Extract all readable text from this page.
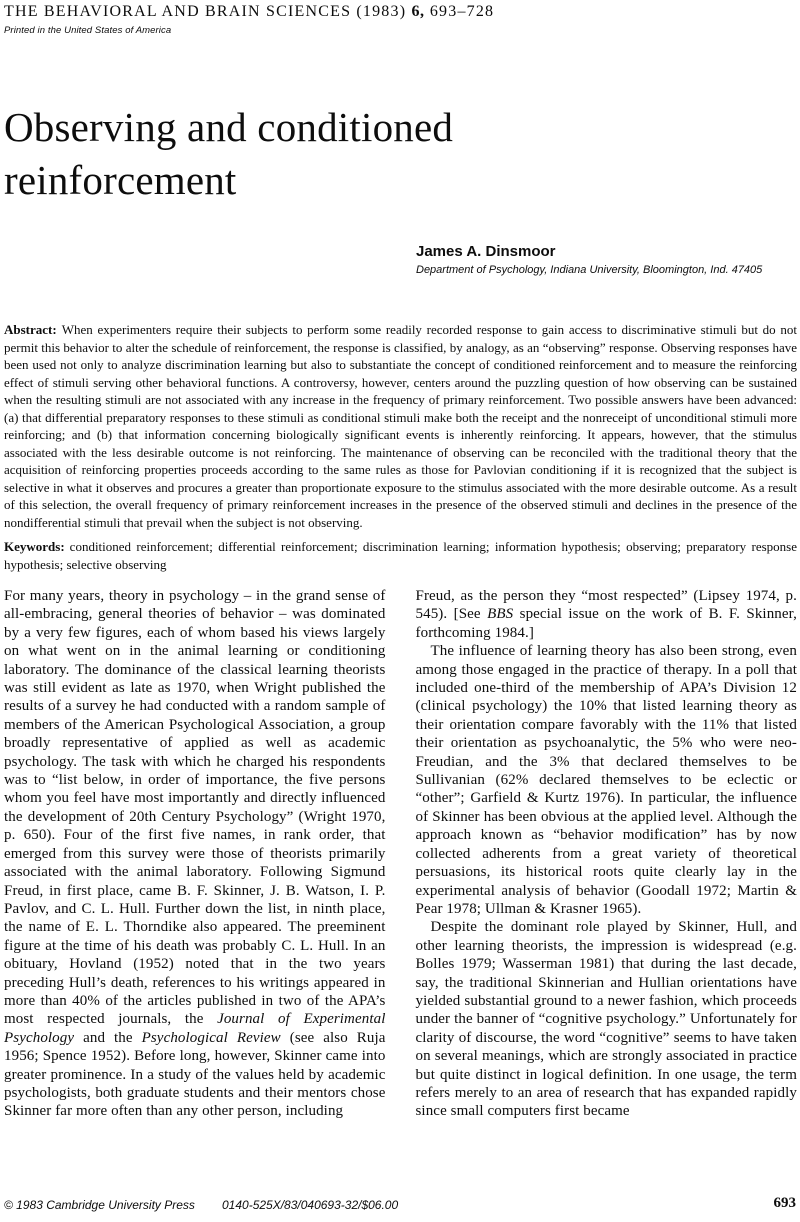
THE BEHAVIORAL AND BRAIN SCIENCES (1983) 6, 693–728
Printed in the United States of America
Observing and conditioned reinforcement
James A. Dinsmoor
Department of Psychology, Indiana University, Bloomington, Ind. 47405

Abstract: When experimenters require their subjects to perform some readily recorded response to gain access to discriminative stimuli but do not permit this behavior to alter the schedule of reinforcement, the response is classified, by analogy, as an “observing” response. Observing responses have been used not only to analyze discrimination learning but also to substantiate the concept of conditioned reinforcement and to measure the reinforcing effect of stimuli serving other behavioral functions. A controversy, however, centers around the puzzling question of how observing can be sustained when the resulting stimuli are not associated with any increase in the frequency of primary reinforcement. Two possible answers have been advanced: (a) that differential preparatory responses to these stimuli as conditional stimuli make both the receipt and the nonreceipt of unconditional stimuli more reinforcing; and (b) that information concerning biologically significant events is inherently reinforcing. It appears, however, that the stimulus associated with the less desirable outcome is not reinforcing. The maintenance of observing can be reconciled with the traditional theory that the acquisition of reinforcing properties proceeds according to the same rules as those for Pavlovian conditioning if it is recognized that the subject is selective in what it observes and procures a greater than proportionate exposure to the stimulus associated with the more desirable outcome. As a result of this selection, the overall frequency of primary reinforcement increases in the presence of the observed stimuli and declines in the presence of the nondifferential stimuli that prevail when the subject is not observing.

Keywords: conditioned reinforcement; differential reinforcement; discrimination learning; information hypothesis; observing; preparatory response hypothesis; selective observing

For many years, theory in psychology – in the grand sense of all-embracing, general theories of behavior – was dominated by a very few figures, each of whom based his views largely on what went on in the animal learning or conditioning laboratory. The dominance of the classical learning theorists was still evident as late as 1970, when Wright published the results of a survey he had conducted with a random sample of members of the American Psychological Association, a group broadly representative of applied as well as academic psychology. The task with which he charged his respondents was to “list below, in order of importance, the five persons whom you feel have most importantly and directly influenced the development of 20th Century Psychology” (Wright 1970, p. 650). Four of the first five names, in rank order, that emerged from this survey were those of theorists primarily associated with the animal laboratory. Following Sigmund Freud, in first place, came B. F. Skinner, J. B. Watson, I. P. Pavlov, and C. L. Hull. Further down the list, in ninth place, the name of E. L. Thorndike also appeared. The preeminent figure at the time of his death was probably C. L. Hull. In an obituary, Hovland (1952) noted that in the two years preceding Hull’s death, references to his writings appeared in more than 40% of the articles published in two of the APA’s most respected journals, the Journal of Experimental Psychology and the Psychological Review (see also Ruja 1956; Spence 1952). Before long, however, Skinner came into greater prominence. In a study of the values held by academic psychologists, both graduate students and their mentors chose Skinner far more often than any other person, including

Freud, as the person they “most respected” (Lipsey 1974, p. 545). [See BBS special issue on the work of B. F. Skinner, forthcoming 1984.]

The influence of learning theory has also been strong, even among those engaged in the practice of therapy. In a poll that included one-third of the membership of APA’s Division 12 (clinical psychology) the 10% that listed learning theory as their orientation compare favorably with the 11% that listed their orientation as psychoanalytic, the 5% who were neo-Freudian, and the 3% that declared themselves to be Sullivanian (62% declared themselves to be eclectic or “other”; Garfield & Kurtz 1976). In particular, the influence of Skinner has been obvious at the applied level. Although the approach known as “behavior modification” has by now collected adherents from a great variety of theoretical persuasions, its historical roots quite clearly lay in the experimental analysis of behavior (Goodall 1972; Martin & Pear 1978; Ullman & Krasner 1965).

Despite the dominant role played by Skinner, Hull, and other learning theorists, the impression is widespread (e.g. Bolles 1979; Wasserman 1981) that during the last decade, say, the traditional Skinnerian and Hullian orientations have yielded substantial ground to a newer fashion, which proceeds under the banner of “cognitive psychology.” Unfortunately for clarity of discourse, the word “cognitive” seems to have taken on several meanings, which are strongly associated in practice but quite distinct in logical definition. In one usage, the term refers merely to an area of research that has expanded rapidly since small computers first became

© 1983 Cambridge University Press 0140-525X/83/040693-32/$06.00	693
